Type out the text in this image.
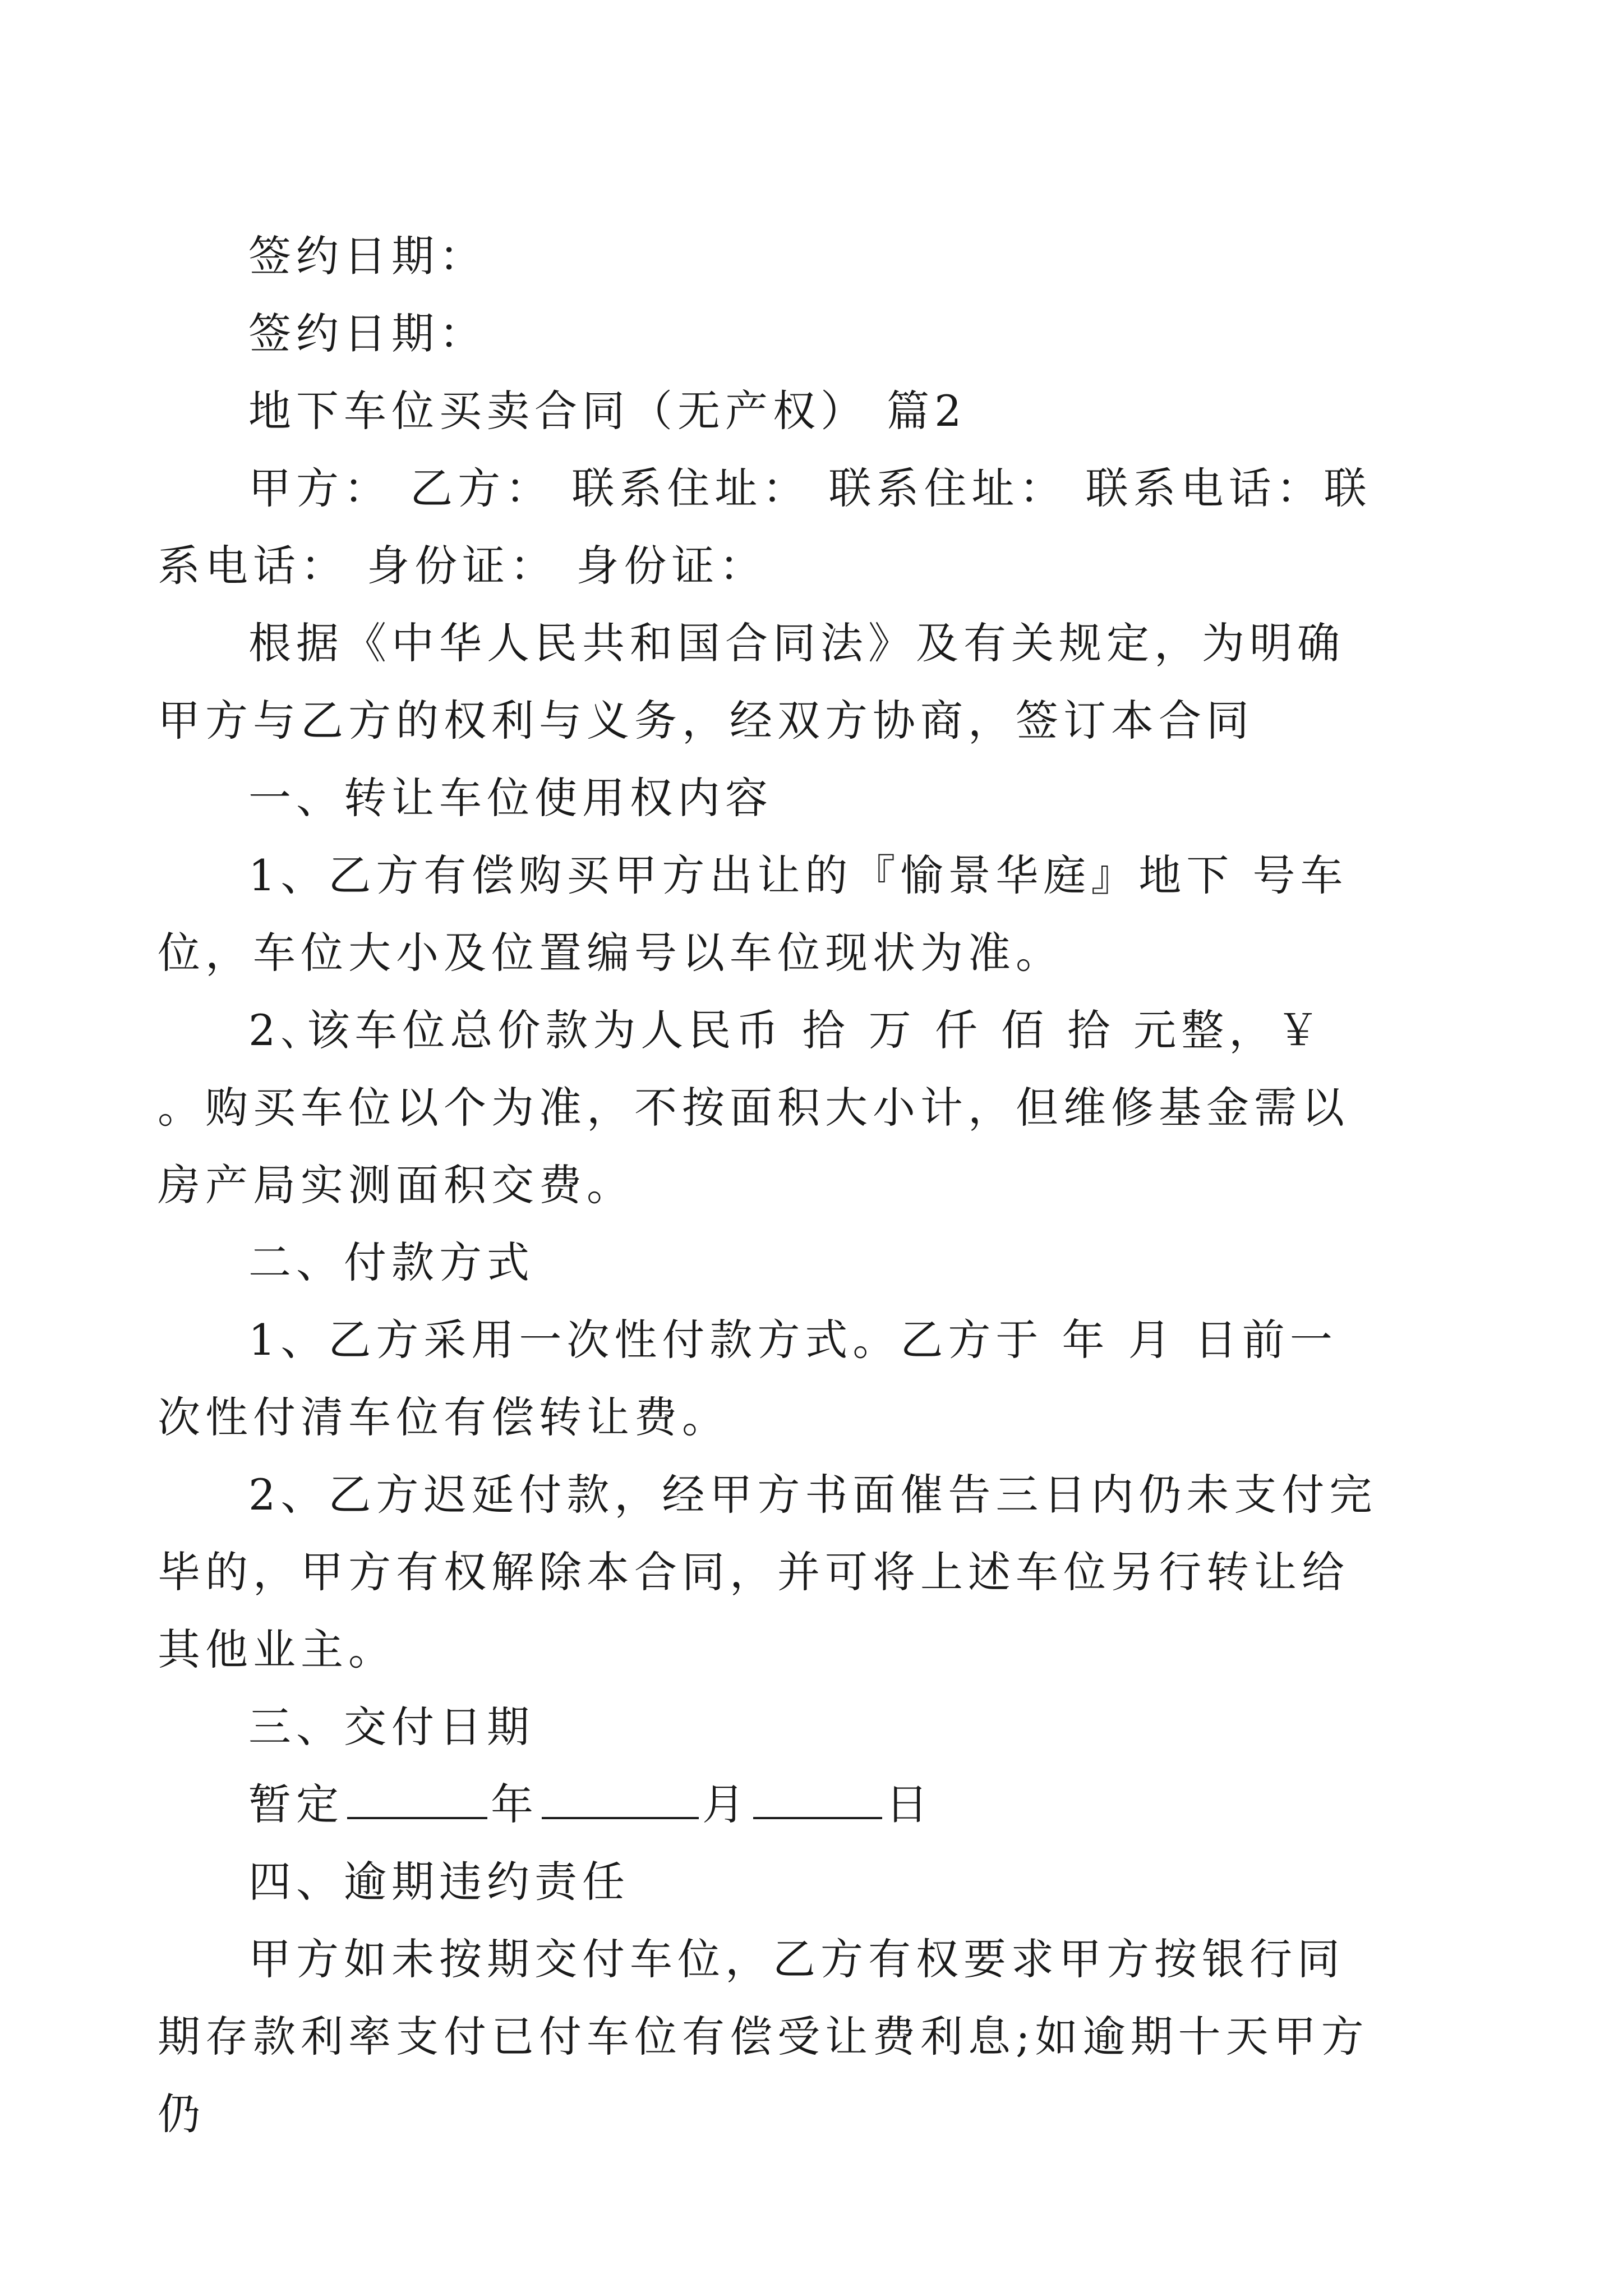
签约日期：

签约日期：

地下车位买卖合同（无产权） 篇2

甲方： 乙方： 联系住址： 联系住址： 联系电话：联系电话： 身份证： 身份证：

根据《中华人民共和国合同法》及有关规定，为明确甲方与乙方的权利与义务，经双方协商，签订本合同

一、转让车位使用权内容

1、乙方有偿购买甲方出让的『愉景华庭』地下 号车位，车位大小及位置编号以车位现状为准。

2､该车位总价款为人民币 拾 万 仟 佰 拾 元整，￥ 。购买车位以个为准，不按面积大小计，但维修基金需以房产局实测面积交费。

二、付款方式

1、乙方采用一次性付款方式。乙方于 年 月 日前一次性付清车位有偿转让费。

2、乙方迟延付款，经甲方书面催告三日内仍未支付完毕的，甲方有权解除本合同，并可将上述车位另行转让给其他业主。

三、交付日期

暂定	年	月	日

四、逾期违约责任

甲方如未按期交付车位，乙方有权要求甲方按银行同期存款利率支付已付车位有偿受让费利息;如逾期十天甲方仍
